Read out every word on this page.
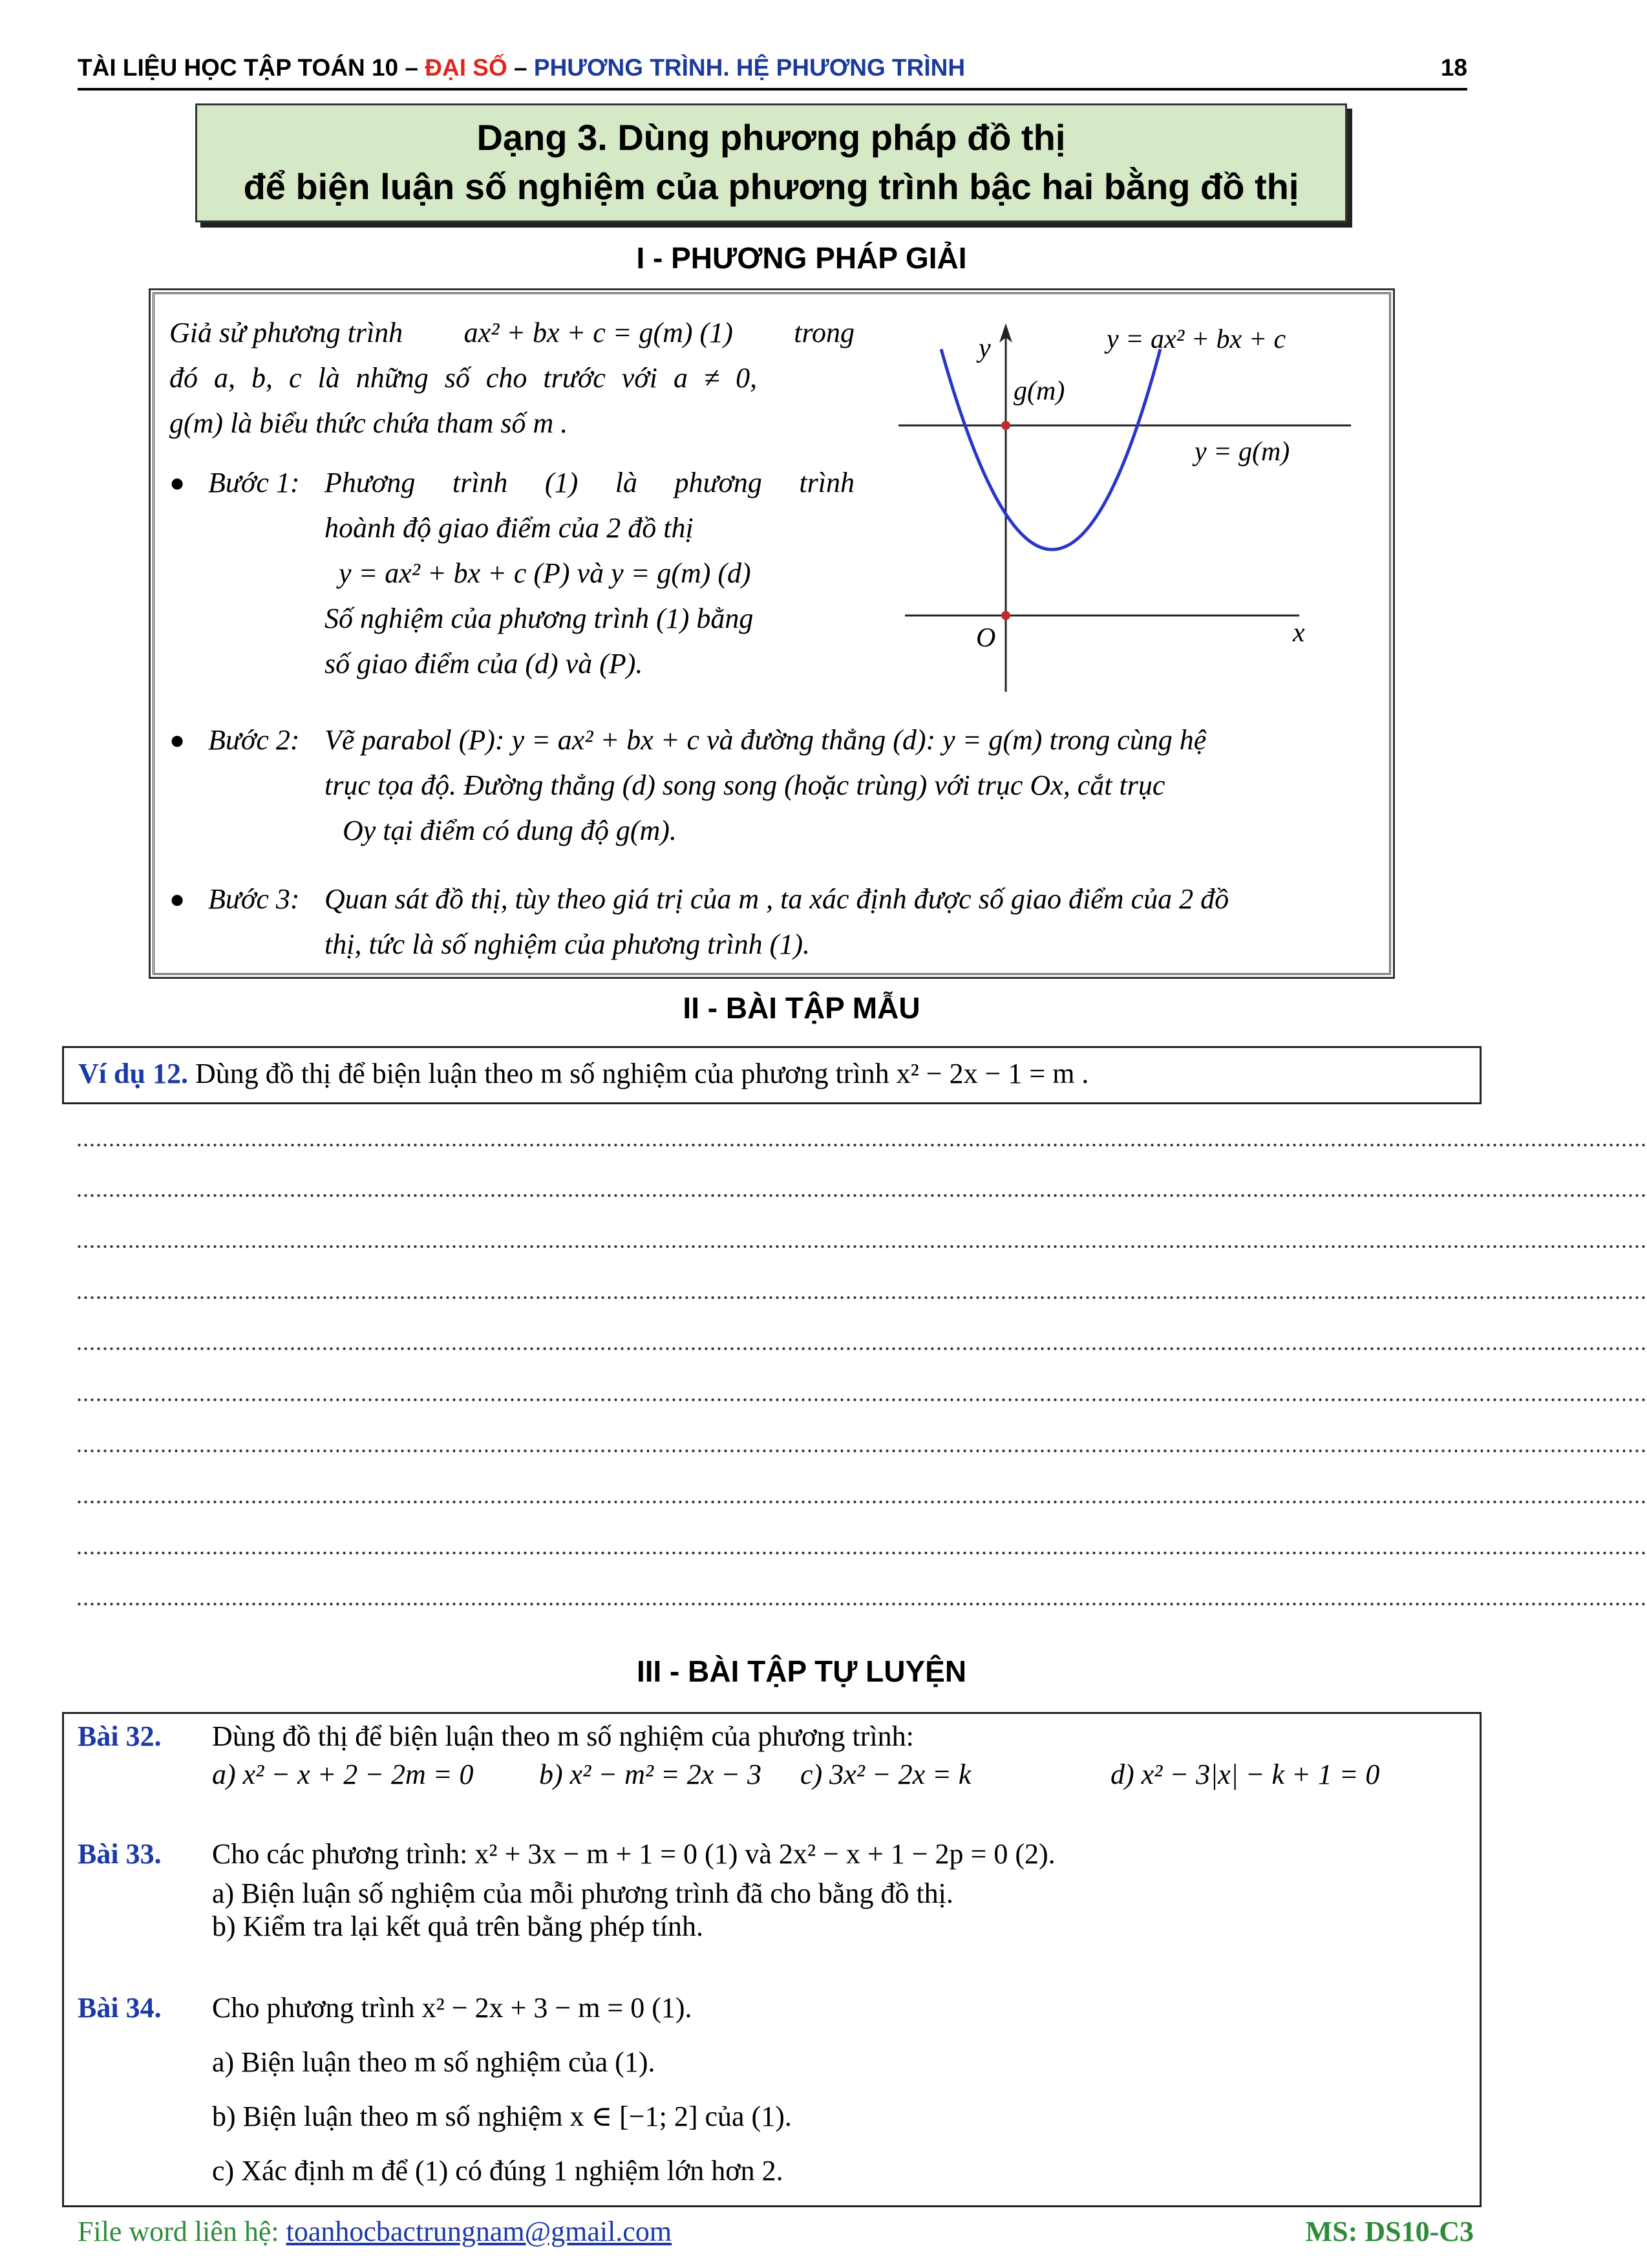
TÀI LIỆU HỌC TẬP TOÁN 10 – ĐẠI SỐ – PHƯƠNG TRÌNH. HỆ PHƯƠNG TRÌNH	18
Dạng 3. Dùng phương pháp đồ thị
để biện luận số nghiệm của phương trình bậc hai bằng đồ thị
I - PHƯƠNG PHÁP GIẢI
Giả sử phương trình ax² + bx + c = g(m) (1) trong
đó a, b, c là những số cho trước với a ≠ 0,
g(m) là biểu thức chứa tham số m .
● Bước 1: Phương trình (1) là phương trình
hoành độ giao điểm của 2 đồ thị
y = ax² + bx + c (P) và y = g(m) (d)
Số nghiệm của phương trình (1) bằng
số giao điểm của (d) và (P).
● Bước 2: Vẽ parabol (P): y = ax² + bx + c và đường thẳng (d): y = g(m) trong cùng hệ
trục tọa độ. Đường thẳng (d) song song (hoặc trùng) với trục Ox, cắt trục
Oy tại điểm có dung độ g(m).
● Bước 3: Quan sát đồ thị, tùy theo giá trị của m , ta xác định được số giao điểm của 2 đồ
thị, tức là số nghiệm của phương trình (1).
y
x
O
g(m)
y = ax² + bx + c
y = g(m)
II - BÀI TẬP MẪU
Ví dụ 12. Dùng đồ thị để biện luận theo m số nghiệm của phương trình x² − 2x − 1 = m .
...................................................................................................................................................................................................................................................
...................................................................................................................................................................................................................................................
...................................................................................................................................................................................................................................................
...................................................................................................................................................................................................................................................
...................................................................................................................................................................................................................................................
...................................................................................................................................................................................................................................................
...................................................................................................................................................................................................................................................
...................................................................................................................................................................................................................................................
...................................................................................................................................................................................................................................................
...................................................................................................................................................................................................................................................
III - BÀI TẬP TỰ LUYỆN
Bài 32.	Dùng đồ thị để biện luận theo m số nghiệm của phương trình:
a) x² − x + 2 − 2m = 0	b) x² − m² = 2x − 3	c) 3x² − 2x = k	d) x² − 3|x| − k + 1 = 0
Bài 33.	Cho các phương trình: x² + 3x − m + 1 = 0 (1) và 2x² − x + 1 − 2p = 0 (2).
a) Biện luận số nghiệm của mỗi phương trình đã cho bằng đồ thị.
b) Kiểm tra lại kết quả trên bằng phép tính.
Bài 34.	Cho phương trình x² − 2x + 3 − m = 0 (1).
a) Biện luận theo m số nghiệm của (1).
b) Biện luận theo m số nghiệm x ∈ [−1; 2] của (1).
c) Xác định m để (1) có đúng 1 nghiệm lớn hơn 2.
File word liên hệ: toanhocbactrungnam@gmail.com	MS: DS10-C3
